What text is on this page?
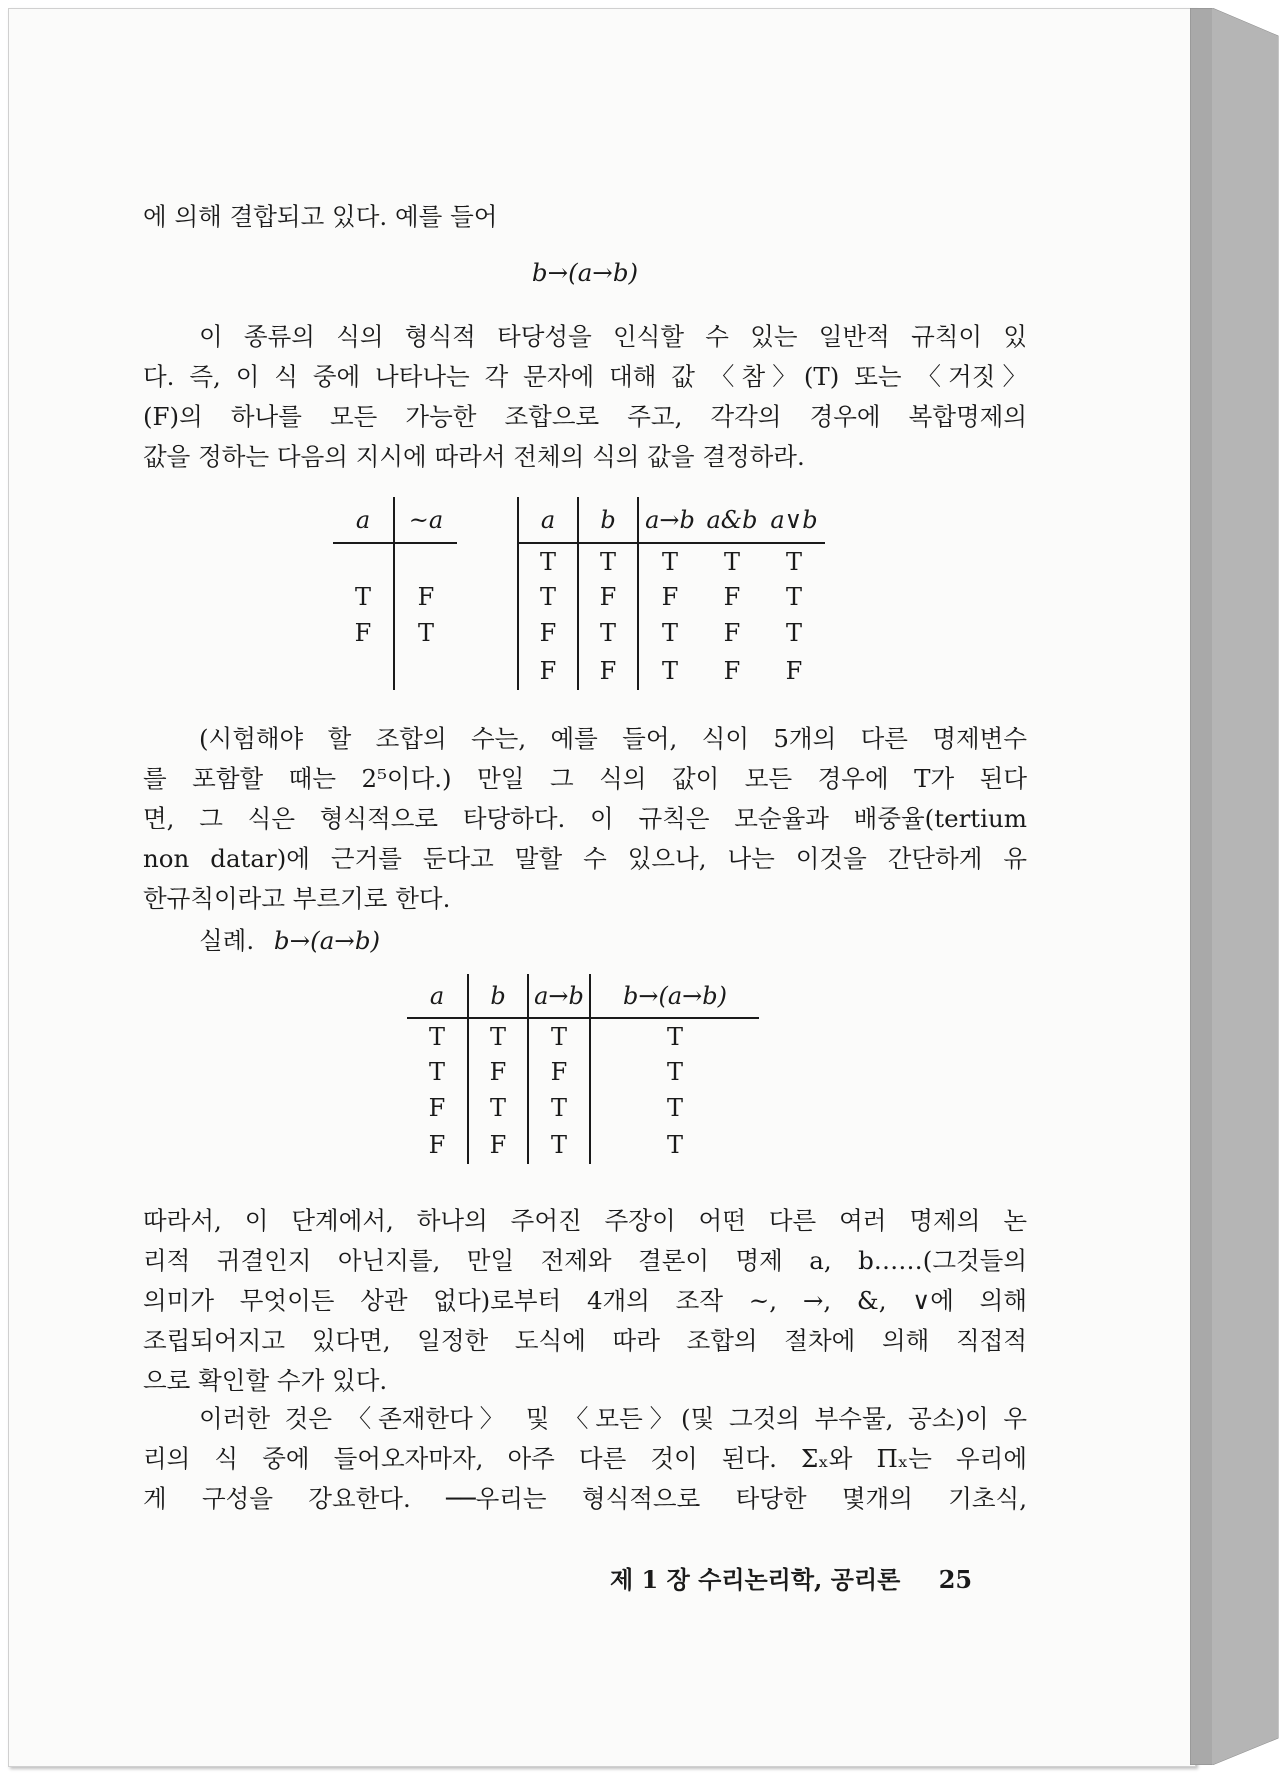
에 의해 결합되고 있다. 예를 들어
b→(a→b)
이 종류의 식의 형식적 타당성을 인식할 수 있는 일반적 규칙이 있
다. 즉, 이 식 중에 나타나는 각 문자에 대해 값 〈참〉(T) 또는 〈거짓〉
(F)의 하나를 모든 가능한 조합으로 주고, 각각의 경우에 복합명제의
값을 정하는 다음의 지시에 따라서 전체의 식의 값을 결정하라.
a	~a

T	F
F	T

a	b	a→b	a&b	a∨b
T	T	T	T	T
T	F	F	F	T
F	T	T	F	T
F	F	T	F	F
(시험해야 할 조합의 수는, 예를 들어, 식이 5개의 다른 명제변수
를 포함할 때는 2⁵이다.) 만일 그 식의 값이 모든 경우에 T가 된다
면, 그 식은 형식적으로 타당하다. 이 규칙은 모순율과 배중율(tertium
non datar)에 근거를 둔다고 말할 수 있으나, 나는 이것을 간단하게 유
한규칙이라고 부르기로 한다.
실례. b→(a→b)
a	b	a→b	b→(a→b)
T	T	T	T
T	F	F	T
F	T	T	T
F	F	T	T
따라서, 이 단계에서, 하나의 주어진 주장이 어떤 다른 여러 명제의 논
리적 귀결인지 아닌지를, 만일 전제와 결론이 명제 a, b……(그것들의
의미가 무엇이든 상관 없다)로부터 4개의 조작 ~, →, &, ∨에 의해
조립되어지고 있다면, 일정한 도식에 따라 조합의 절차에 의해 직접적
으로 확인할 수가 있다.
이러한 것은 〈존재한다〉 및 〈모든〉(및 그것의 부수물, 공소)이 우
리의 식 중에 들어오자마자, 아주 다른 것이 된다. Σₓ와 Πₓ는 우리에
게 구성을 강요한다. ──우리는 형식적으로 타당한 몇개의 기초식,
제 1 장 수리논리학, 공리론 25
